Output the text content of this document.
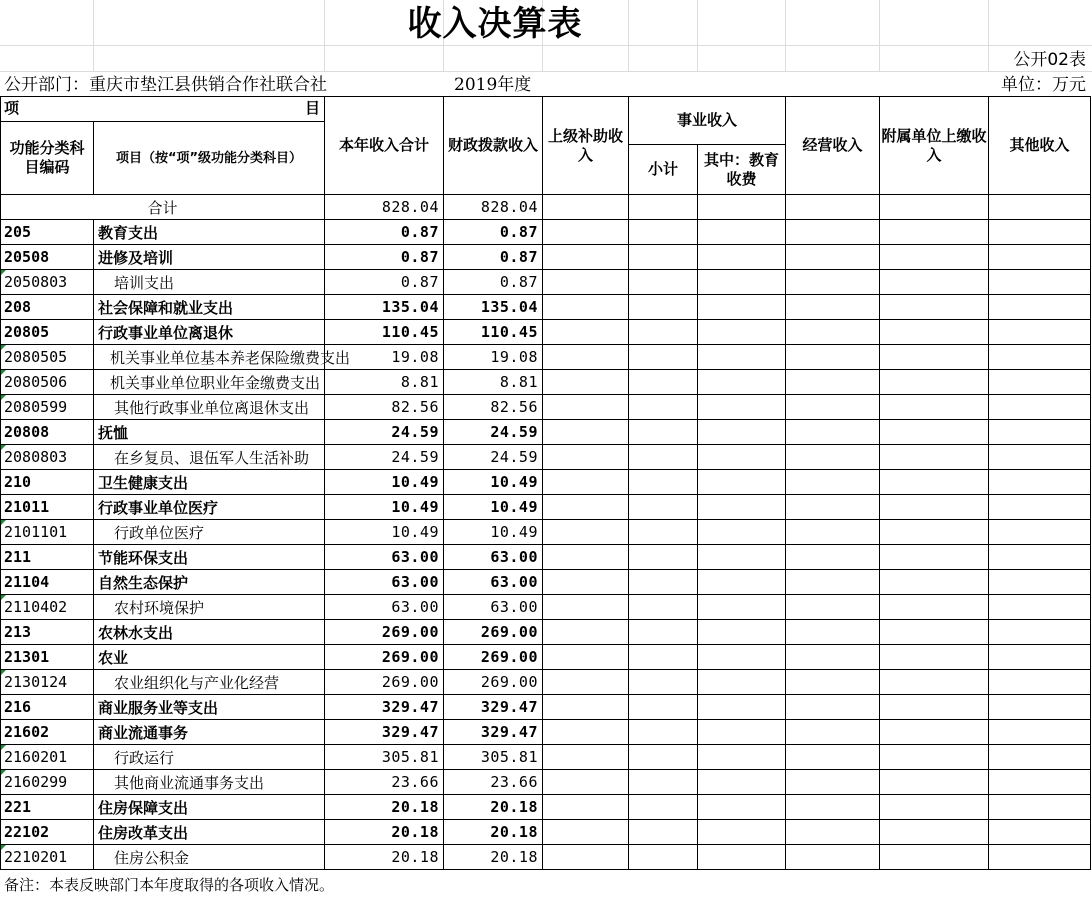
收入决算表
公开02表
公开部门：重庆市垫江县供销合作社联合社	2019年度	单位：万元
项 目		本年收入合计	财政拨款收入	上级补助收入	事业收入		经营收入	附属单位上缴收入	其他收入
功能分类科目编码	项目（按“项”级功能分类科目）								
					小计	其中：教育收费			
合计		828.04	828.04						
205	教育支出	0.87	0.87						
20508	进修及培训	0.87	0.87						
2050803	培训支出	0.87	0.87						
208	社会保障和就业支出	135.04	135.04						
20805	行政事业单位离退休	110.45	110.45						
2080505	机关事业单位基本养老保险缴费支出	19.08	19.08						
2080506	机关事业单位职业年金缴费支出	8.81	8.81						
2080599	其他行政事业单位离退休支出	82.56	82.56						
20808	抚恤	24.59	24.59						
2080803	在乡复员、退伍军人生活补助	24.59	24.59						
210	卫生健康支出	10.49	10.49						
21011	行政事业单位医疗	10.49	10.49						
2101101	行政单位医疗	10.49	10.49						
211	节能环保支出	63.00	63.00						
21104	自然生态保护	63.00	63.00						
2110402	农村环境保护	63.00	63.00						
213	农林水支出	269.00	269.00						
21301	农业	269.00	269.00						
2130124	农业组织化与产业化经营	269.00	269.00						
216	商业服务业等支出	329.47	329.47						
21602	商业流通事务	329.47	329.47						
2160201	行政运行	305.81	305.81						
2160299	其他商业流通事务支出	23.66	23.66						
221	住房保障支出	20.18	20.18						
22102	住房改革支出	20.18	20.18						
2210201	住房公积金	20.18	20.18						
备注：本表反映部门本年度取得的各项收入情况。
